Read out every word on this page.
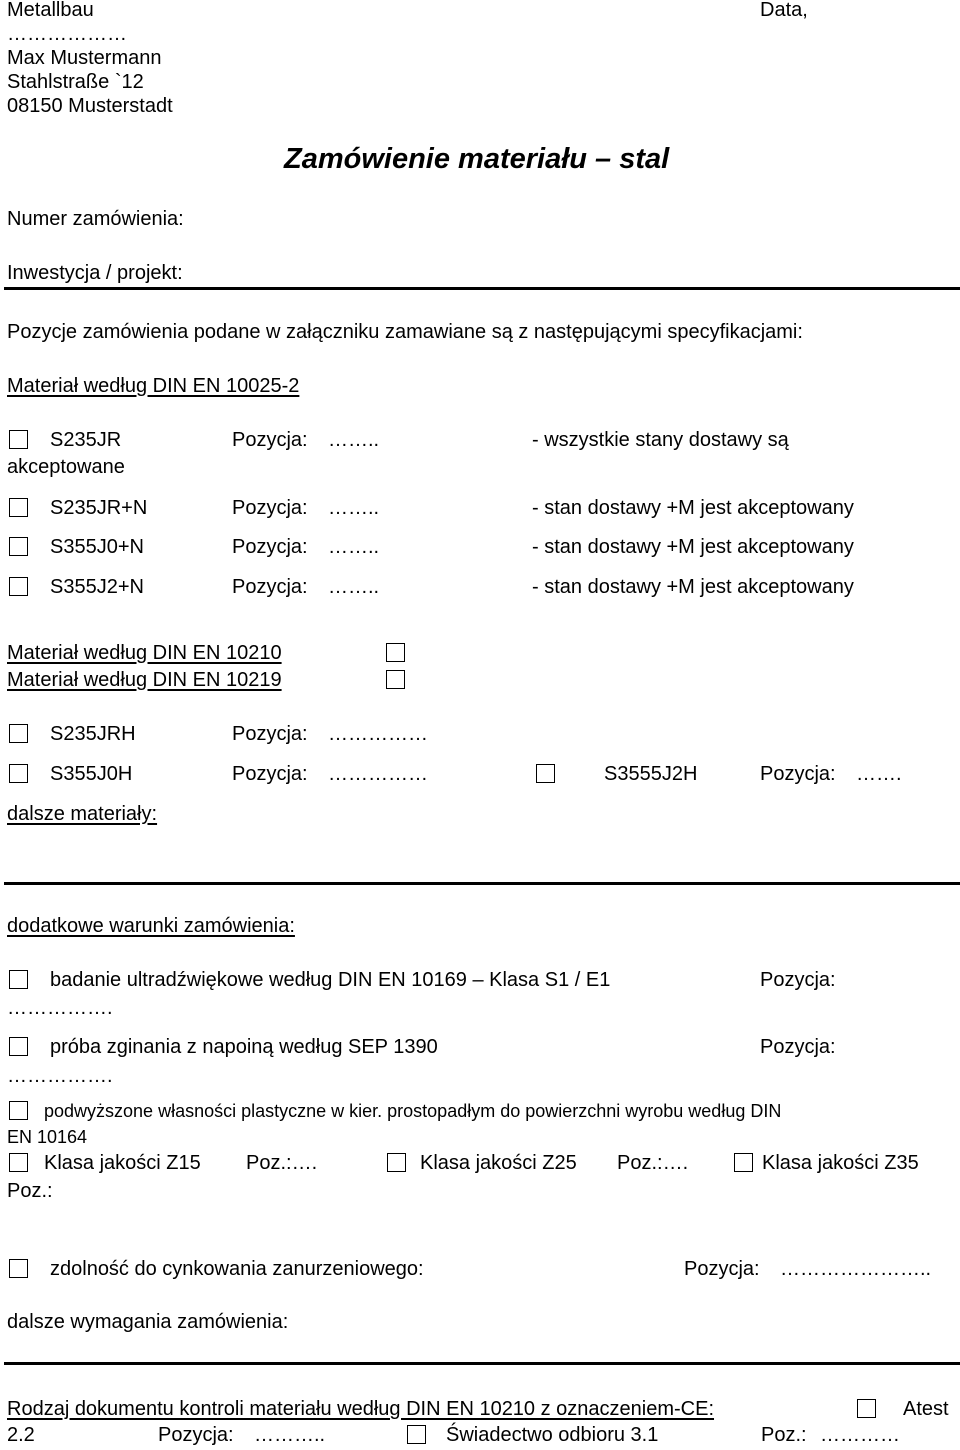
Metallbau
………………
Max Mustermann
Stahlstraße `12
08150 Musterstadt
Data,
Zamówienie materiału – stal
Numer zamówienia:
Inwestycja / projekt:
Pozycje zamówienia podane w załączniku zamawiane są z następującymi specyfikacjami:
Materiał według DIN EN 10025-2
S235JR	Pozycja: ……..	- wszystkie stany dostawy są
akceptowane
S235JR+N	Pozycja: ……..	- stan dostawy +M jest akceptowany
S355J0+N	Pozycja: ……..	- stan dostawy +M jest akceptowany
S355J2+N	Pozycja: ……..	- stan dostawy +M jest akceptowany
Materiał według DIN EN 10210
Materiał według DIN EN 10219
S235JRH	Pozycja: ……………
S355J0H	Pozycja: ……………	S3555J2H	Pozycja: …….
dalsze materiały:
dodatkowe warunki zamówienia:
badanie ultradźwiękowe według DIN EN 10169 – Klasa S1 / E1	Pozycja:
…………….
próba zginania z napoiną według SEP 1390	Pozycja:
…………….
podwyższone własności plastyczne w kier. prostopadłym do powierzchni wyrobu według DIN
EN 10164
Klasa jakości Z15 Poz.:….	Klasa jakości Z25 Poz.:….	Klasa jakości Z35
Poz.:
zdolność do cynkowania zanurzeniowego:	Pozycja: …………………..
dalsze wymagania zamówienia:
Rodzaj dokumentu kontroli materiału według DIN EN 10210 z oznaczeniem-CE:	Atest
2.2	Pozycja: ………..	Świadectwo odbioru 3.1	Poz.: …………
